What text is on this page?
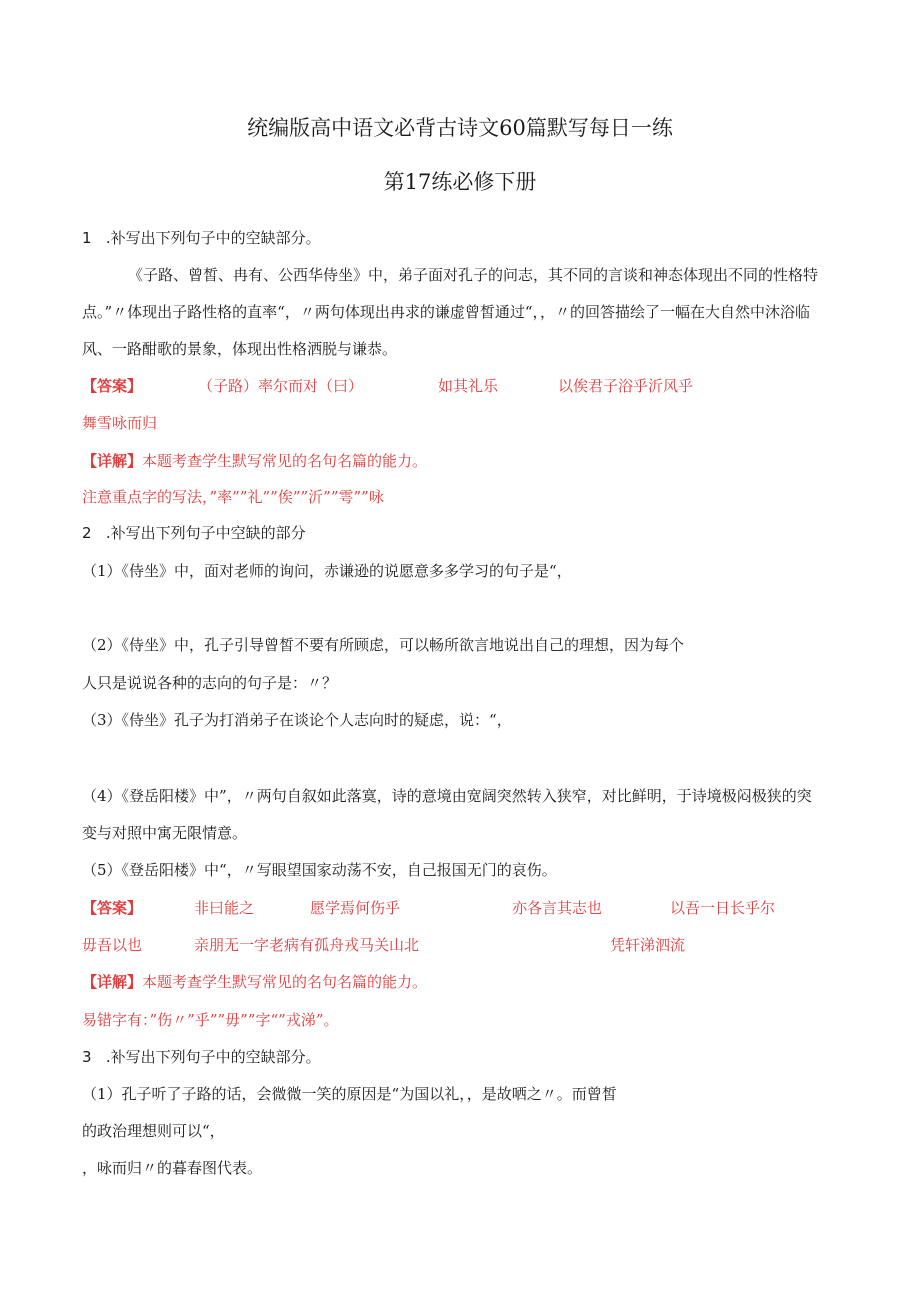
统编版高中语文必背古诗文60篇默写每日一练
第17练必修下册
1 .补写出下列句子中的空缺部分。
《子路、曾皙、冉有、公西华侍坐》中，弟子面对孔子的问志，其不同的言谈和神态体现出不同的性格特
点。”〃体现出子路性格的直率“，〃两句体现出冉求的谦虚曾皙通过“，，〃的回答描绘了一幅在大自然中沐浴临
风、一路酣歌的景象，体现出性格洒脱与谦恭。
【答案】	（子路）率尔而对（曰）	如其礼乐	以俟君子浴乎沂风乎
舞雪咏而归
【详解】本题考查学生默写常见的名句名篇的能力。
注意重点字的写法，”率””礼””俟””沂””雩””咏
2 .补写出下列句子中空缺的部分
（1）《侍坐》中，面对老师的询问，赤谦逊的说愿意多多学习的句子是“，
（2）《侍坐》中，孔子引导曾皙不要有所顾虑，可以畅所欲言地说出自己的理想，因为每个
人只是说说各种的志向的句子是：〃？
（3）《侍坐》孔子为打消弟子在谈论个人志向时的疑虑，说：“，
（4）《登岳阳楼》中”，〃两句自叙如此落寞，诗的意境由宽阔突然转入狭窄，对比鲜明，于诗境极闷极狭的突
变与对照中寓无限情意。
（5）《登岳阳楼》中“，〃写眼望国家动荡不安，自己报国无门的哀伤。
【答案】	非曰能之	愿学焉何伤乎	亦各言其志也	以吾一日长乎尔
毋吾以也	亲朋无一字老病有孤舟戎马关山北	凭轩涕泗流
【详解】本题考查学生默写常见的名句名篇的能力。
易错字有：”伤〃”乎””毋””字“”戎涕”。
3 .补写出下列句子中的空缺部分。
（1）孔子听了子路的话，会微微一笑的原因是“为国以礼，，是故哂之〃。而曾皙
的政治理想则可以“，
，咏而归〃的暮春图代表。
